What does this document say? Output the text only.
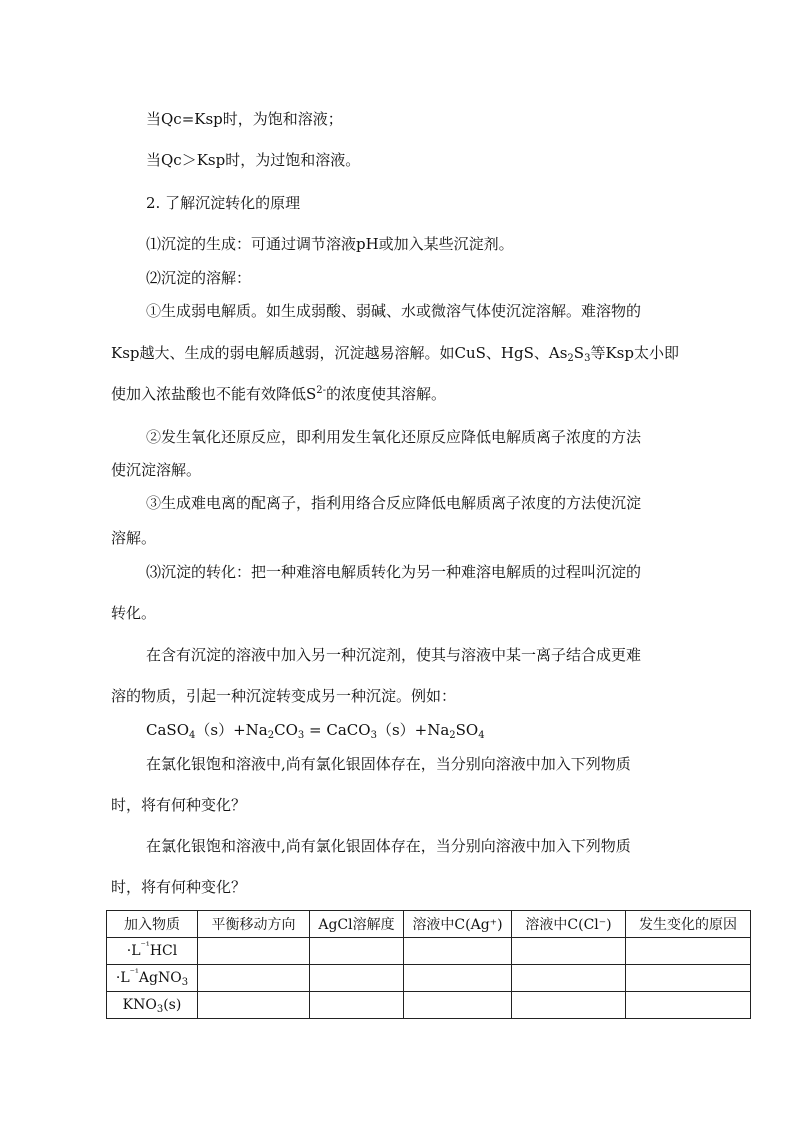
当Qc=Ksp时，为饱和溶液；
当Qc＞Ksp时，为过饱和溶液。
2. 了解沉淀转化的原理
⑴沉淀的生成：可通过调节溶液pH或加入某些沉淀剂。
⑵沉淀的溶解：
①生成弱电解质。如生成弱酸、弱碱、水或微溶气体使沉淀溶解。难溶物的
Ksp越大、生成的弱电解质越弱，沉淀越易溶解。如CuS、HgS、$As_2S_3$等Ksp太小即
使加入浓盐酸也不能有效降低$S^{2-}$的浓度使其溶解。
②发生氧化还原反应，即利用发生氧化还原反应降低电解质离子浓度的方法
使沉淀溶解。
③生成难电离的配离子，指利用络合反应降低电解质离子浓度的方法使沉淀
溶解。
⑶沉淀的转化：把一种难溶电解质转化为另一种难溶电解质的过程叫沉淀的
转化。
在含有沉淀的溶液中加入另一种沉淀剂，使其与溶液中某一离子结合成更难
溶的物质，引起一种沉淀转变成另一种沉淀。例如：
$CaSO_4(s)+Na_2CO_3$ = $CaCO_3(s)+Na_2SO_4$
在氯化银饱和溶液中,尚有氯化银固体存在，当分别向溶液中加入下列物质
时，将有何种变化？
在氯化银饱和溶液中,尚有氯化银固体存在，当分别向溶液中加入下列物质
时，将有何种变化？
加入物质	平衡移动方向	AgCl溶解度	溶液中C(Ag⁺)	溶液中C(Cl⁻)	发生变化的原因
$\cdot L^{^{-1}}HCl$					
$\cdot L^{^{-1}}AgNO_3$					
$KNO_3(s)$					
